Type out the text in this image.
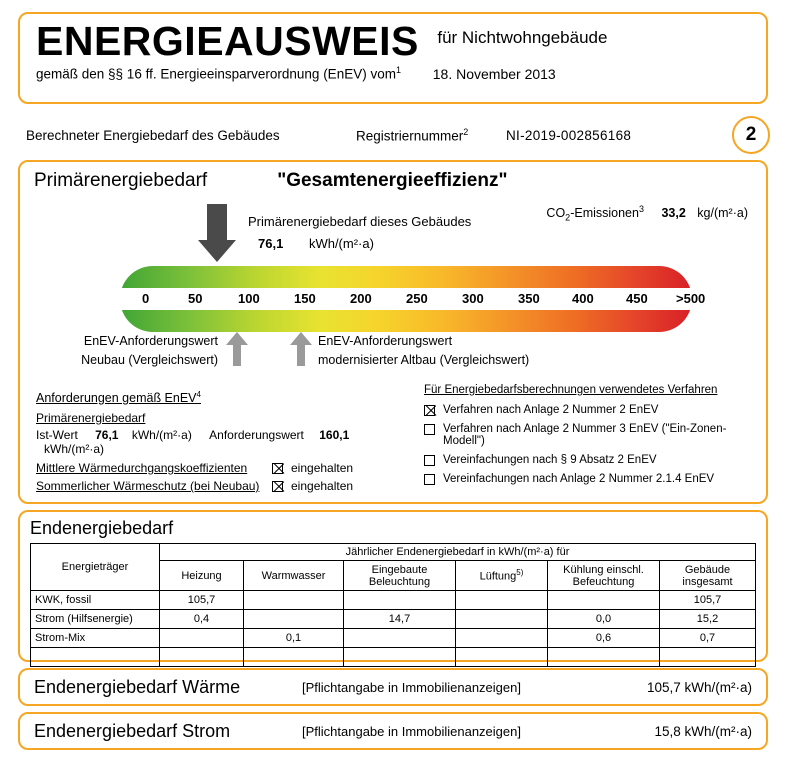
ENERGIEAUSWEIS für Nichtwohngebäude
gemäß den §§ 16 ff. Energieeinsparverordnung (EnEV) vom$^1$ 18. November 2013
Berechneter Energiebedarf des Gebäudes	Registriernummer$^2$	NI-2019-002856168	2
Primärenergiebedarf	"Gesamtenergieeffizienz"
$CO_2-Emissionen^3$ 33,2 kg/(m²·a)
Primärenergiebedarf dieses Gebäudes
76,1 kWh/(m²·a)
0	50	100	150	200	250	300	350 400 450 >500
EnEV-Anforderungswert
Neubau (Vergleichswert)
EnEV-Anforderungswert
modernisierter Altbau (Vergleichswert)
Anforderungen gemäß EnEV$^4$
Primärenergiebedarf
Ist-Wert 76,1 kWh/(m²·a) Anforderungswert 160,1 kWh/(m²·a)
Mittlere Wärmedurchgangskoeffizienten	eingehalten
Sommerlicher Wärmeschutz (bei Neubau)	eingehalten
Für Energiebedarfsberechnungen verwendetes Verfahren
Verfahren nach Anlage 2 Nummer 2 EnEV
Verfahren nach Anlage 2 Nummer 3 EnEV ("Ein-Zonen-Modell")
Vereinfachungen nach § 9 Absatz 2 EnEV
Vereinfachungen nach Anlage 2 Nummer 2.1.4 EnEV
Endenergiebedarf
Energieträger	Jährlicher Endenergiebedarf in kWh/(m²·a) für					
	Heizung	Warmwasser	Eingebaute Beleuchtung	Lüftung$^{5)}$	Kühlung einschl. Befeuchtung	Gebäude insgesamt
KWK, fossil	105,7					105,7
Strom (Hilfsenergie)	0,4		14,7		0,0	15,2
Strom-Mix		0,1			0,6	0,7

Endenergiebedarf Wärme	[Pflichtangabe in Immobilienanzeigen]	105,7 kWh/(m²·a)
Endenergiebedarf Strom	[Pflichtangabe in Immobilienanzeigen]	15,8 kWh/(m²·a)
